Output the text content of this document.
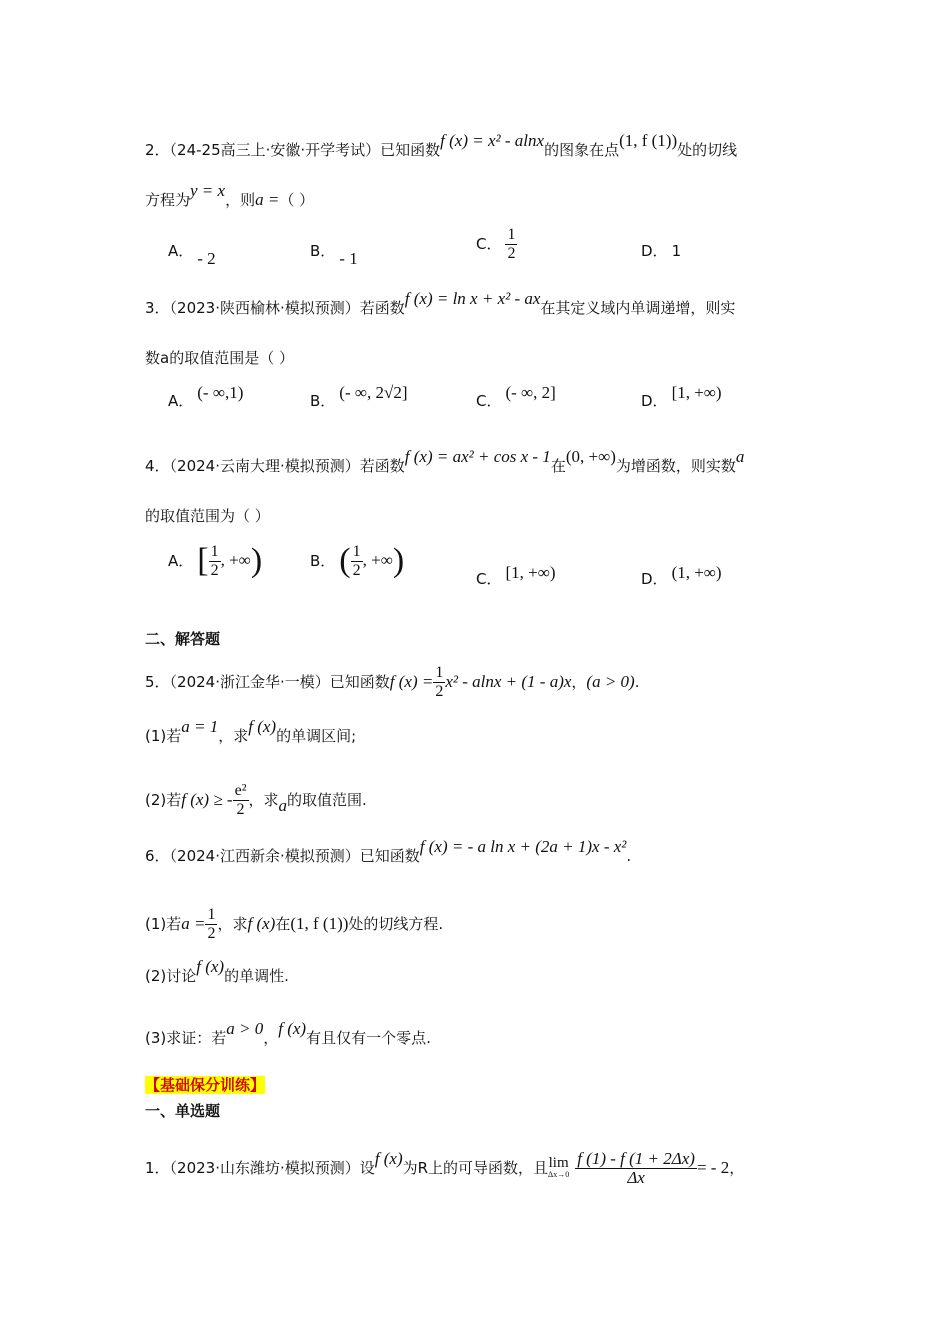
2．（24-25高三上·安徽·开学考试）已知函数f (x) = x² - alnx的图象在点(1, f (1))处的切线
方程为y = x，则a =（ ）
A． - 2	B． - 1
C． $\frac{1}{2}$	D． 1
3．（2023·陕西榆林·模拟预测）若函数f (x) = ln x + x² - ax在其定义域内单调递增，则实
数a的取值范围是（ ）
A． (- ∞,1)	B． (- ∞, 2√2]	C． (- ∞, 2]	D． [1, +∞)
4．（2024·云南大理·模拟预测）若函数f (x) = ax² + cos x - 1在(0, +∞)为增函数，则实数a
的取值范围为（ ）
A． [ $\frac{1}{2}$ , +∞)	B． ( $\frac{1}{2}$ , +∞)	C． [1, +∞)	D． (1, +∞)
二、解答题
5．（2024·浙江金华·一模）已知函数f $(x) = \frac{1}{2} x^2 - alnx + (1 - a)x$，(a > 0).
(1)若a = 1，求f (x)的单调区间;
(2)若f (x) ≥ - $\frac{\text{e²}}{2}$ ，求a的取值范围.
6．（2024·江西新余·模拟预测）已知函数f (x) = - a ln x + (2a + 1)x - x².
(1)若$a = \frac{1}{2}$ ，求f (x)在(1, f (1))处的切线方程.
(2)讨论f (x)的单调性.
(3)求证：若a > 0，f (x)有且仅有一个零点.
【基础保分训练】
一、单选题
1．（2023·山东潍坊·模拟预测）设f (x)为R上的可导函数，且 lim
$\Delta x\to 0 \frac{f (1) - f (1 + 2\Delta x)}{\Delta x}$ = - 2，
